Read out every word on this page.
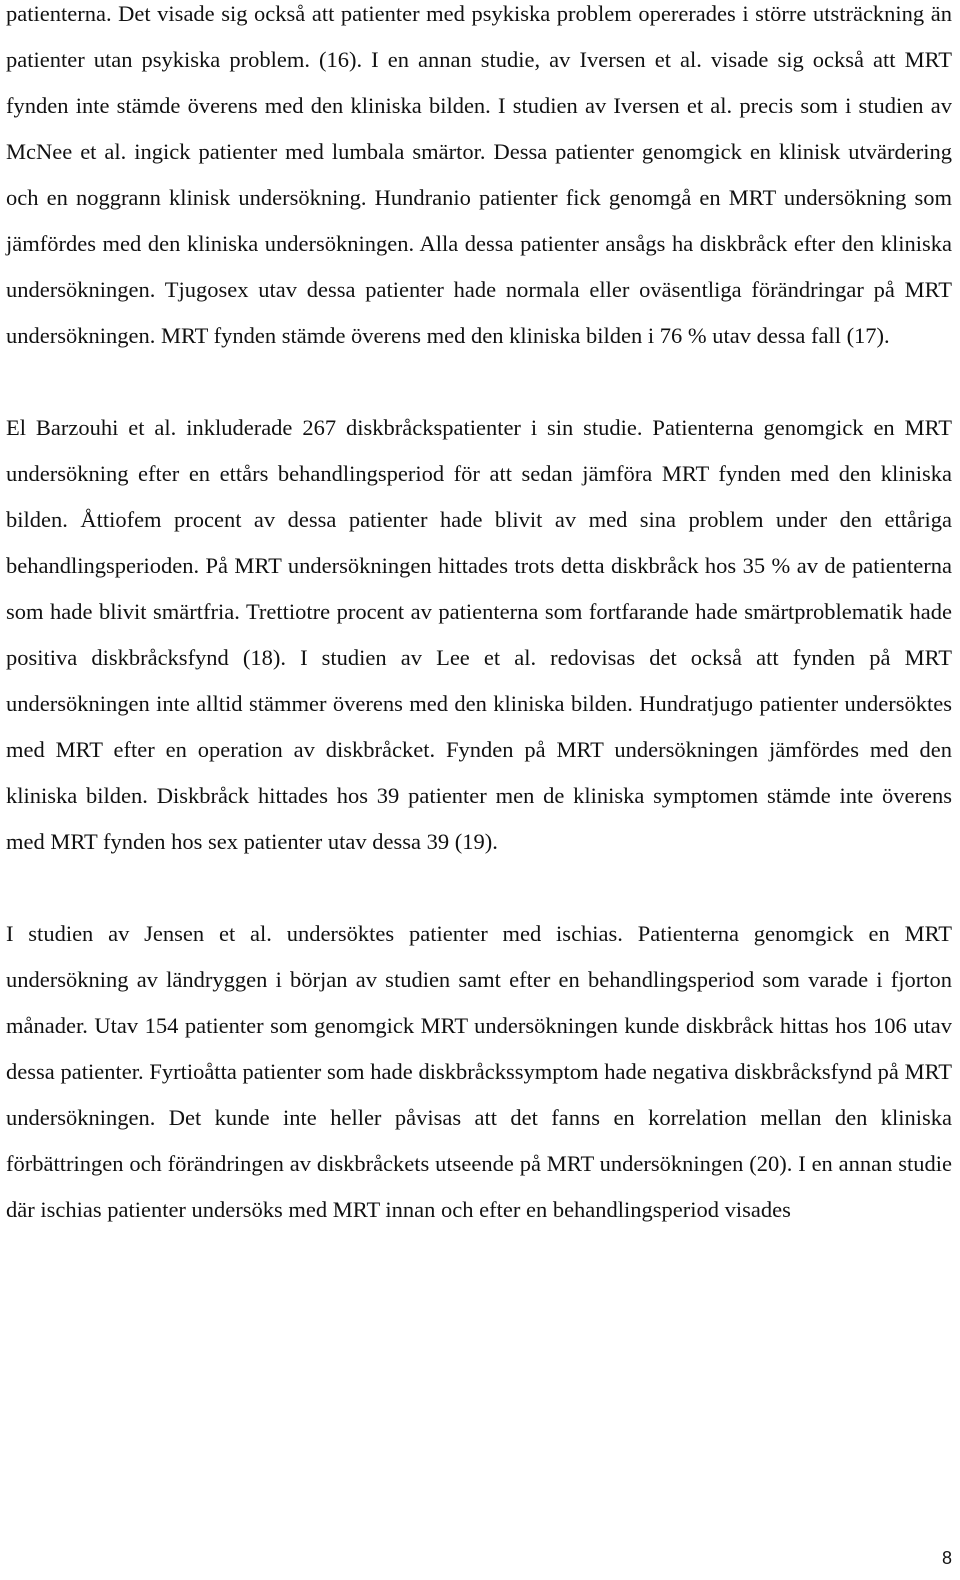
patienterna. Det visade sig också att patienter med psykiska problem opererades i större utsträckning än patienter utan psykiska problem. (16). I en annan studie, av Iversen et al. visade sig också att MRT fynden inte stämde överens med den kliniska bilden. I studien av Iversen et al. precis som i studien av McNee et al. ingick patienter med lumbala smärtor. Dessa patienter genomgick en klinisk utvärdering och en noggrann klinisk undersökning. Hundranio patienter fick genomgå en MRT undersökning som jämfördes med den kliniska undersökningen. Alla dessa patienter ansågs ha diskbråck efter den kliniska undersökningen. Tjugosex utav dessa patienter hade normala eller oväsentliga förändringar på MRT undersökningen. MRT fynden stämde överens med den kliniska bilden i 76 % utav dessa fall (17).

El Barzouhi et al. inkluderade 267 diskbråckspatienter i sin studie. Patienterna genomgick en MRT undersökning efter en ettårs behandlingsperiod för att sedan jämföra MRT fynden med den kliniska bilden. Åttiofem procent av dessa patienter hade blivit av med sina problem under den ettåriga behandlingsperioden. På MRT undersökningen hittades trots detta diskbråck hos 35 % av de patienterna som hade blivit smärtfria. Trettiotre procent av patienterna som fortfarande hade smärtproblematik hade positiva diskbråcksfynd (18). I studien av Lee et al. redovisas det också att fynden på MRT undersökningen inte alltid stämmer överens med den kliniska bilden. Hundratjugo patienter undersöktes med MRT efter en operation av diskbråcket. Fynden på MRT undersökningen jämfördes med den kliniska bilden. Diskbråck hittades hos 39 patienter men de kliniska symptomen stämde inte överens med MRT fynden hos sex patienter utav dessa 39 (19).

I studien av Jensen et al. undersöktes patienter med ischias. Patienterna genomgick en MRT undersökning av ländryggen i början av studien samt efter en behandlingsperiod som varade i fjorton månader. Utav 154 patienter som genomgick MRT undersökningen kunde diskbråck hittas hos 106 utav dessa patienter. Fyrtioåtta patienter som hade diskbråckssymptom hade negativa diskbråcksfynd på MRT undersökningen. Det kunde inte heller påvisas att det fanns en korrelation mellan den kliniska förbättringen och förändringen av diskbråckets utseende på MRT undersökningen (20). I en annan studie där ischias patienter undersöks med MRT innan och efter en behandlingsperiod visades

8
